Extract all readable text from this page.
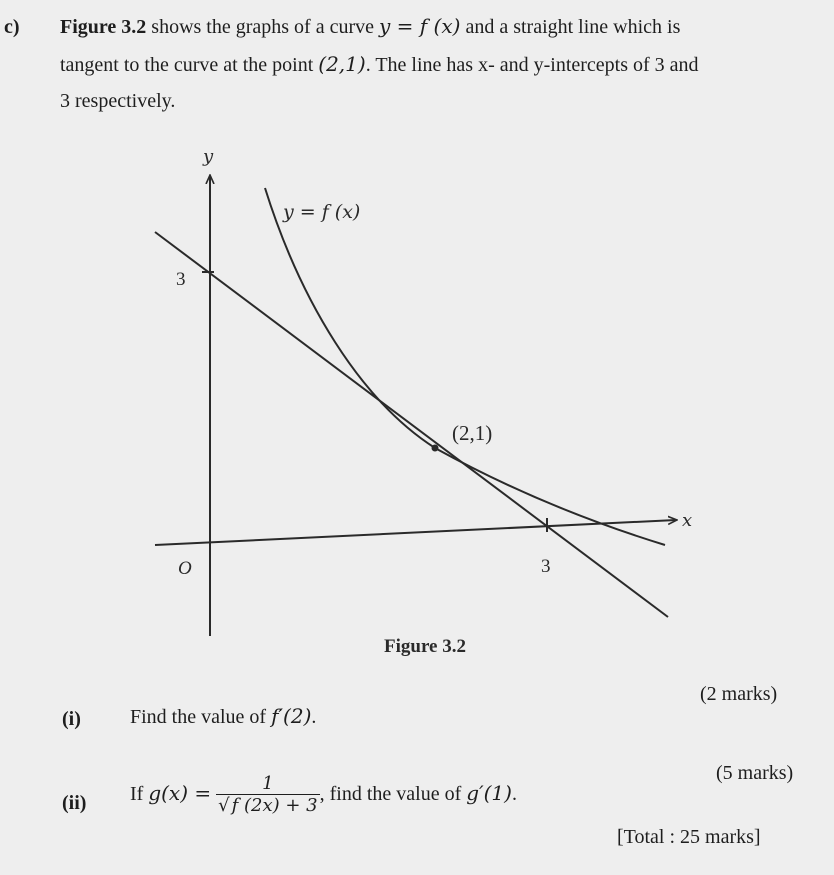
c) Figure 3.2 shows the graphs of a curve y = f (x) and a straight line which is
tangent to the curve at the point (2,1). The line has x- and y-intercepts of 3 and
3 respectively.
y
x
O
3
3
y = f (x)
(2,1)
Figure 3.2
(i) Find the value of f′(2).
(2 marks)
(ii) If $g(x) = \frac{1}{√ f (2x) + 3}$ , find the value of g′(1).
(5 marks)
[Total : 25 marks]
